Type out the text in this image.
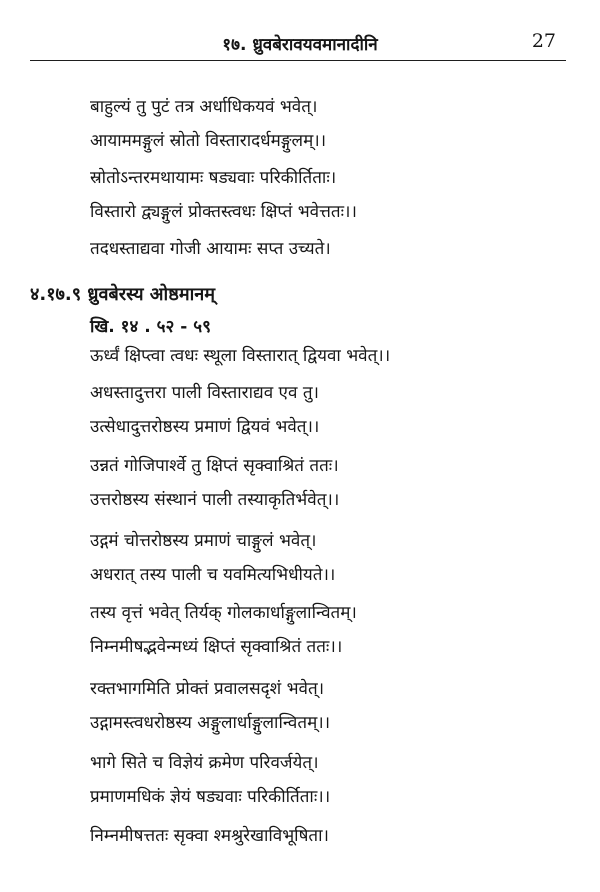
१७. ध्रुवबेरावयवमानादीनि	27
बाहुल्यं तु पुटं तत्र अर्धाधिकयवं भवेत्।
आयाममङ्गुलं स्रोतो विस्तारादर्धमङ्गुलम्।।
स्रोतोऽन्तरमथायामः षड्यवाः परिकीर्तिताः।
विस्तारो द्व्यङ्गुलं प्रोक्तस्त्वधः क्षिप्तं भवेत्ततः।।
तदधस्ताद्यवा गोजी आयामः सप्त उच्यते।
४.१७.९ ध्रुवबेरस्य ओष्ठमानम्
खि. १४ . ५२ - ५९
ऊर्ध्वं क्षिप्त्वा त्वधः स्थूला विस्तारात् द्वियवा भवेत्।।
अधस्तादुत्तरा पाली विस्ताराद्यव एव तु।
उत्सेधादुत्तरोष्ठस्य प्रमाणं द्वियवं भवेत्।।
उन्नतं गोजिपार्श्वे तु क्षिप्तं सृक्वाश्रितं ततः।
उत्तरोष्ठस्य संस्थानं पाली तस्याकृतिर्भवेत्।।
उद्गमं चोत्तरोष्ठस्य प्रमाणं चाङ्गुलं भवेत्।
अधरात् तस्य पाली च यवमित्यभिधीयते।।
तस्य वृत्तं भवेत् तिर्यक् गोलकार्धाङ्गुलान्वितम्।
निम्नमीषद्भवेन्मध्यं क्षिप्तं सृक्वाश्रितं ततः।।
रक्तभागमिति प्रोक्तं प्रवालसदृशं भवेत्।
उद्गामस्त्वधरोष्ठस्य अङ्गुलार्धाङ्गुलान्वितम्।।
भागे सिते च विज्ञेयं क्रमेण परिवर्जयेत्।
प्रमाणमधिकं ज्ञेयं षड्यवाः परिकीर्तिताः।।
निम्नमीषत्ततः सृक्वा श्मश्रुरेखाविभूषिता।
